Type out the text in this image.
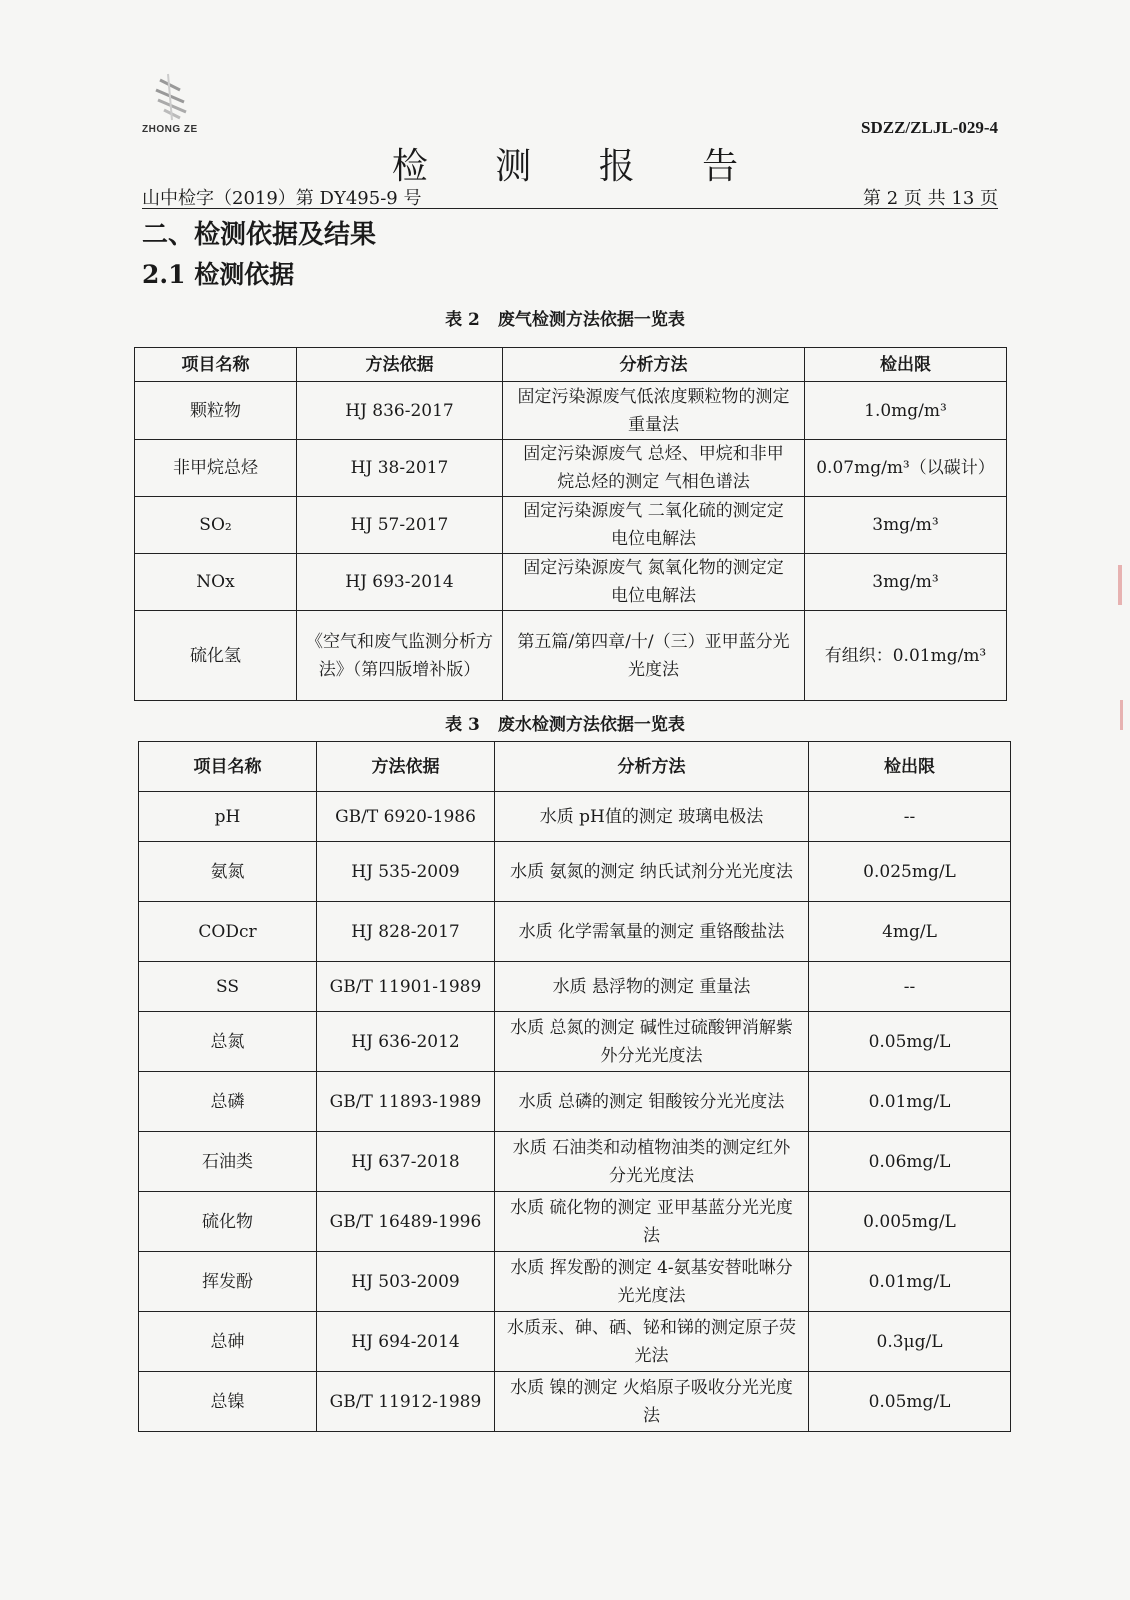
ZHONG ZE	SDZZ/ZLJL-029-4
检 测 报 告
山中检字（2019）第 DY495-9 号	第 2 页 共 13 页
二、检测依据及结果
2.1 检测依据
表 2 废气检测方法依据一览表
项目名称	方法依据	分析方法	检出限
颗粒物	HJ 836-2017	固定污染源废气低浓度颗粒物的测定 重量法	1.0mg/m³
非甲烷总烃	HJ 38-2017	固定污染源废气 总烃、甲烷和非甲烷总烃的测定 气相色谱法	0.07mg/m³（以碳计）
SO₂	HJ 57-2017	固定污染源废气 二氧化硫的测定定电位电解法	3mg/m³
NOx	HJ 693-2014	固定污染源废气 氮氧化物的测定定电位电解法	3mg/m³
硫化氢	《空气和废气监测分析方法》（第四版增补版）	第五篇/第四章/十/（三）亚甲蓝分光光度法	有组织：0.01mg/m³
表 3 废水检测方法依据一览表
项目名称	方法依据	分析方法	检出限
pH	GB/T 6920-1986	水质 pH值的测定 玻璃电极法	--
氨氮	HJ 535-2009	水质 氨氮的测定 纳氏试剂分光光度法	0.025mg/L
CODcr	HJ 828-2017	水质 化学需氧量的测定 重铬酸盐法	4mg/L
SS	GB/T 11901-1989	水质 悬浮物的测定 重量法	--
总氮	HJ 636-2012	水质 总氮的测定 碱性过硫酸钾消解紫外分光光度法	0.05mg/L
总磷	GB/T 11893-1989	水质 总磷的测定 钼酸铵分光光度法	0.01mg/L
石油类	HJ 637-2018	水质 石油类和动植物油类的测定红外分光光度法	0.06mg/L
硫化物	GB/T 16489-1996	水质 硫化物的测定 亚甲基蓝分光光度法	0.005mg/L
挥发酚	HJ 503-2009	水质 挥发酚的测定 4-氨基安替吡啉分光光度法	0.01mg/L
总砷	HJ 694-2014	水质汞、砷、硒、铋和锑的测定原子荧光法	0.3μg/L
总镍	GB/T 11912-1989	水质 镍的测定 火焰原子吸收分光光度法	0.05mg/L
